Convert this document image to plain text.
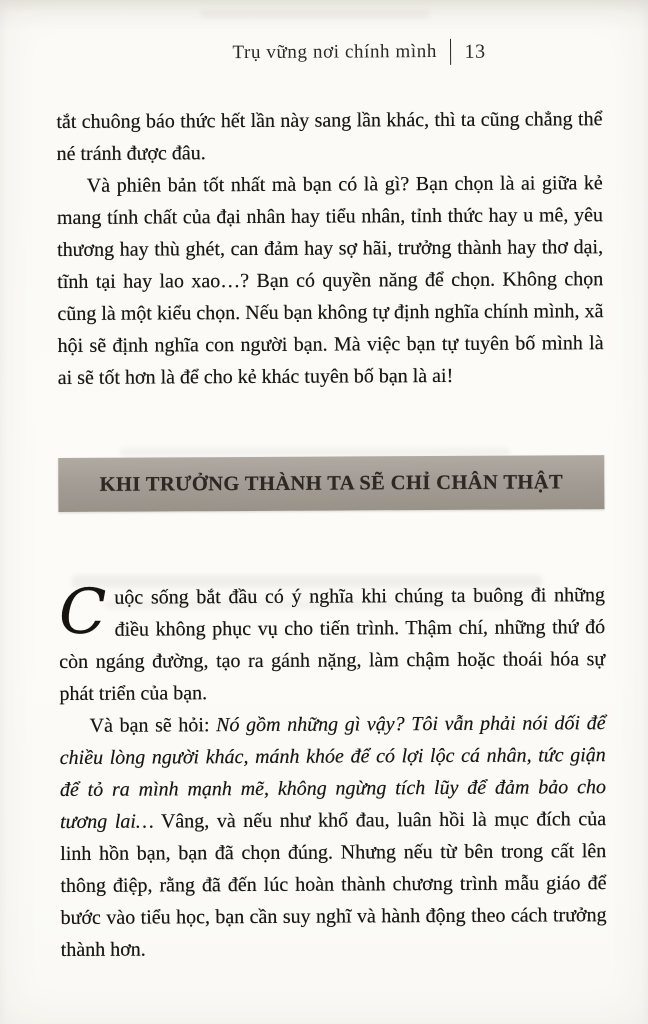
Trụ vững nơi chính mình 13

tắt chuông báo thức hết lần này sang lần khác, thì ta cũng chẳng thể né tránh được đâu.

Và phiên bản tốt nhất mà bạn có là gì? Bạn chọn là ai giữa kẻ mang tính chất của đại nhân hay tiểu nhân, tỉnh thức hay u mê, yêu thương hay thù ghét, can đảm hay sợ hãi, trưởng thành hay thơ dại, tĩnh tại hay lao xao…? Bạn có quyền năng để chọn. Không chọn cũng là một kiểu chọn. Nếu bạn không tự định nghĩa chính mình, xã hội sẽ định nghĩa con người bạn. Mà việc bạn tự tuyên bố mình là ai sẽ tốt hơn là để cho kẻ khác tuyên bố bạn là ai!

KHI TRƯỞNG THÀNH TA SẼ CHỈ CHÂN THẬT

Cuộc sống bắt đầu có ý nghĩa khi chúng ta buông đi những điều không phục vụ cho tiến trình. Thậm chí, những thứ đó còn ngáng đường, tạo ra gánh nặng, làm chậm hoặc thoái hóa sự phát triển của bạn.

Và bạn sẽ hỏi: Nó gồm những gì vậy? Tôi vẫn phải nói dối để chiều lòng người khác, mánh khóe để có lợi lộc cá nhân, tức giận để tỏ ra mình mạnh mẽ, không ngừng tích lũy để đảm bảo cho tương lai… Vâng, và nếu như khổ đau, luân hồi là mục đích của linh hồn bạn, bạn đã chọn đúng. Nhưng nếu từ bên trong cất lên thông điệp, rằng đã đến lúc hoàn thành chương trình mẫu giáo để bước vào tiểu học, bạn cần suy nghĩ và hành động theo cách trưởng thành hơn.
